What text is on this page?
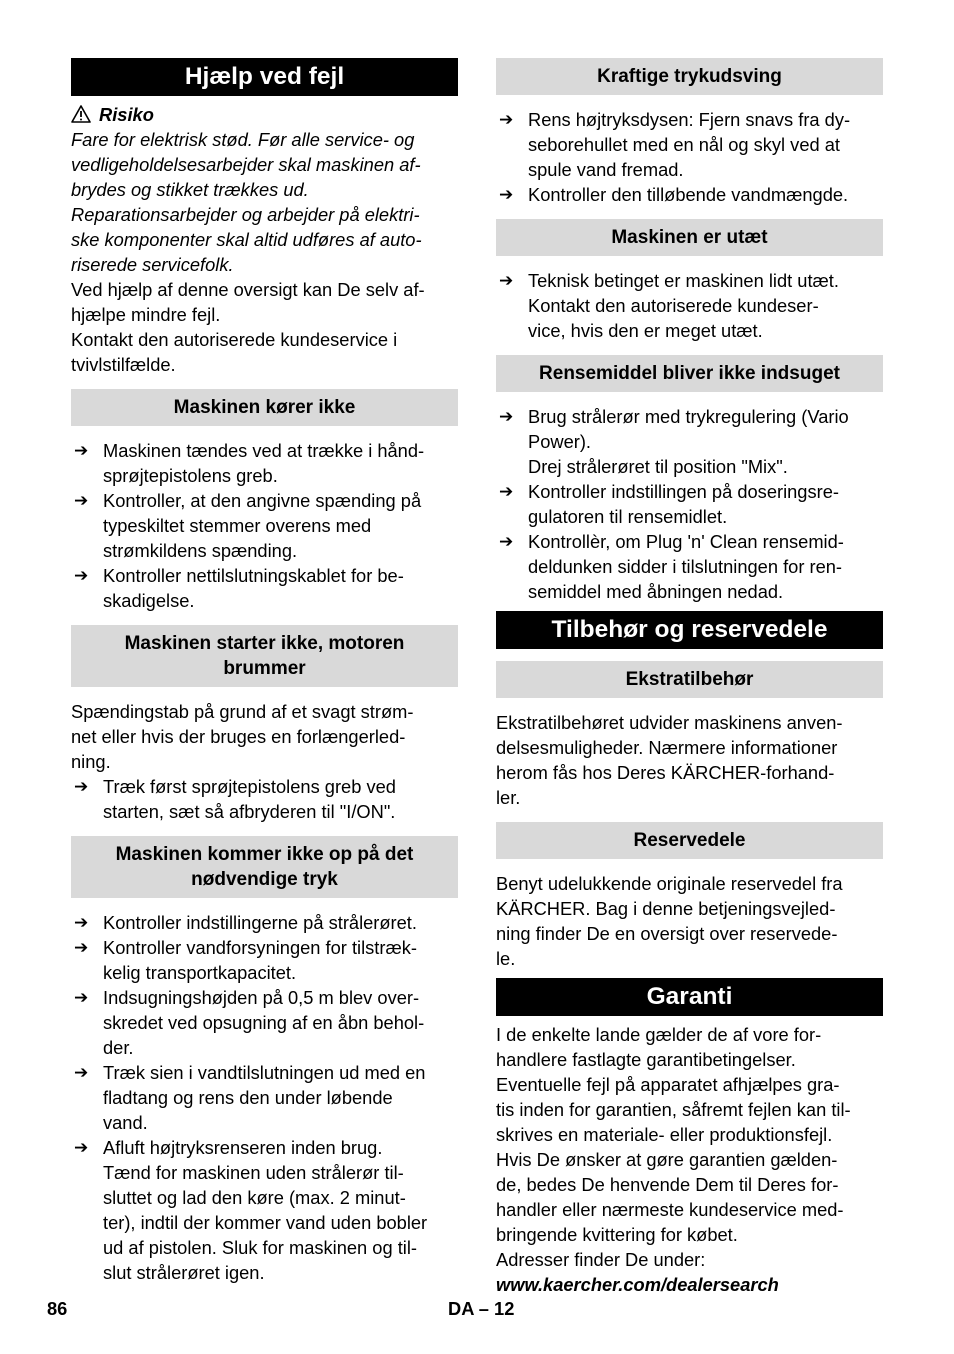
Hjælp ved fejl

Risiko

Fare for elektrisk stød. Før alle service- og
vedligeholdelsesarbejder skal maskinen af-
brydes og stikket trækkes ud.
Reparationsarbejder og arbejder på elektri-
ske komponenter skal altid udføres af auto-
riserede servicefolk.

Ved hjælp af denne oversigt kan De selv af-
hjælpe mindre fejl.
Kontakt den autoriserede kundeservice i
tvivlstilfælde.

Maskinen kører ikke

➔ Maskinen tændes ved at trække i hånd-
sprøjtepistolens greb.

➔ Kontroller, at den angivne spænding på
typeskiltet stemmer overens med
strømkildens spænding.

➔ Kontroller nettilslutningskablet for be-
skadigelse.

Maskinen starter ikke, motoren
brummer

Spændingstab på grund af et svagt strøm-
net eller hvis der bruges en forlængerled-
ning.

➔ Træk først sprøjtepistolens greb ved
starten, sæt så afbryderen til "I/ON".

Maskinen kommer ikke op på det
nødvendige tryk

➔ Kontroller indstillingerne på strålerøret.

➔ Kontroller vandforsyningen for tilstræk-
kelig transportkapacitet.

➔ Indsugningshøjden på 0,5 m blev over-
skredet ved opsugning af en åbn behol-
der.

➔ Træk sien i vandtilslutningen ud med en
fladtang og rens den under løbende
vand.

➔ Afluft højtryksrenseren inden brug.
Tænd for maskinen uden strålerør til-
sluttet og lad den køre (max. 2 minut-
ter), indtil der kommer vand uden bobler
ud af pistolen. Sluk for maskinen og til-
slut strålerøret igen.

Kraftige trykudsving

➔ Rens højtryksdysen: Fjern snavs fra dy-
seborehullet med en nål og skyl ved at
spule vand fremad.

➔ Kontroller den tilløbende vandmængde.

Maskinen er utæt

➔ Teknisk betinget er maskinen lidt utæt.
Kontakt den autoriserede kundeser-
vice, hvis den er meget utæt.

Rensemiddel bliver ikke indsuget

➔ Brug strålerør med trykregulering (Vario
Power).
Drej strålerøret til position "Mix".

➔ Kontroller indstillingen på doseringsre-
gulatoren til rensemidlet.

➔ Kontrollèr, om Plug 'n' Clean rensemid-
deldunken sidder i tilslutningen for ren-
semiddel med åbningen nedad.

Tilbehør og reservedele
Ekstratilbehør

Ekstratilbehøret udvider maskinens anven-
delsesmuligheder. Nærmere informationer
herom fås hos Deres KÄRCHER-forhand-
ler.

Reservedele

Benyt udelukkende originale reservedel fra
KÄRCHER. Bag i denne betjeningsvejled-
ning finder De en oversigt over reservede-
le.

Garanti

I de enkelte lande gælder de af vore for-
handlere fastlagte garantibetingelser.
Eventuelle fejl på apparatet afhjælpes gra-
tis inden for garantien, såfremt fejlen kan til-
skrives en materiale- eller produktionsfejl.
Hvis De ønsker at gøre garantien gælden-
de, bedes De henvende Dem til Deres for-
handler eller nærmeste kundeservice med-
bringende kvittering for købet.
Adresser finder De under:
www.kaercher.com/dealersearch

86	DA – 12
